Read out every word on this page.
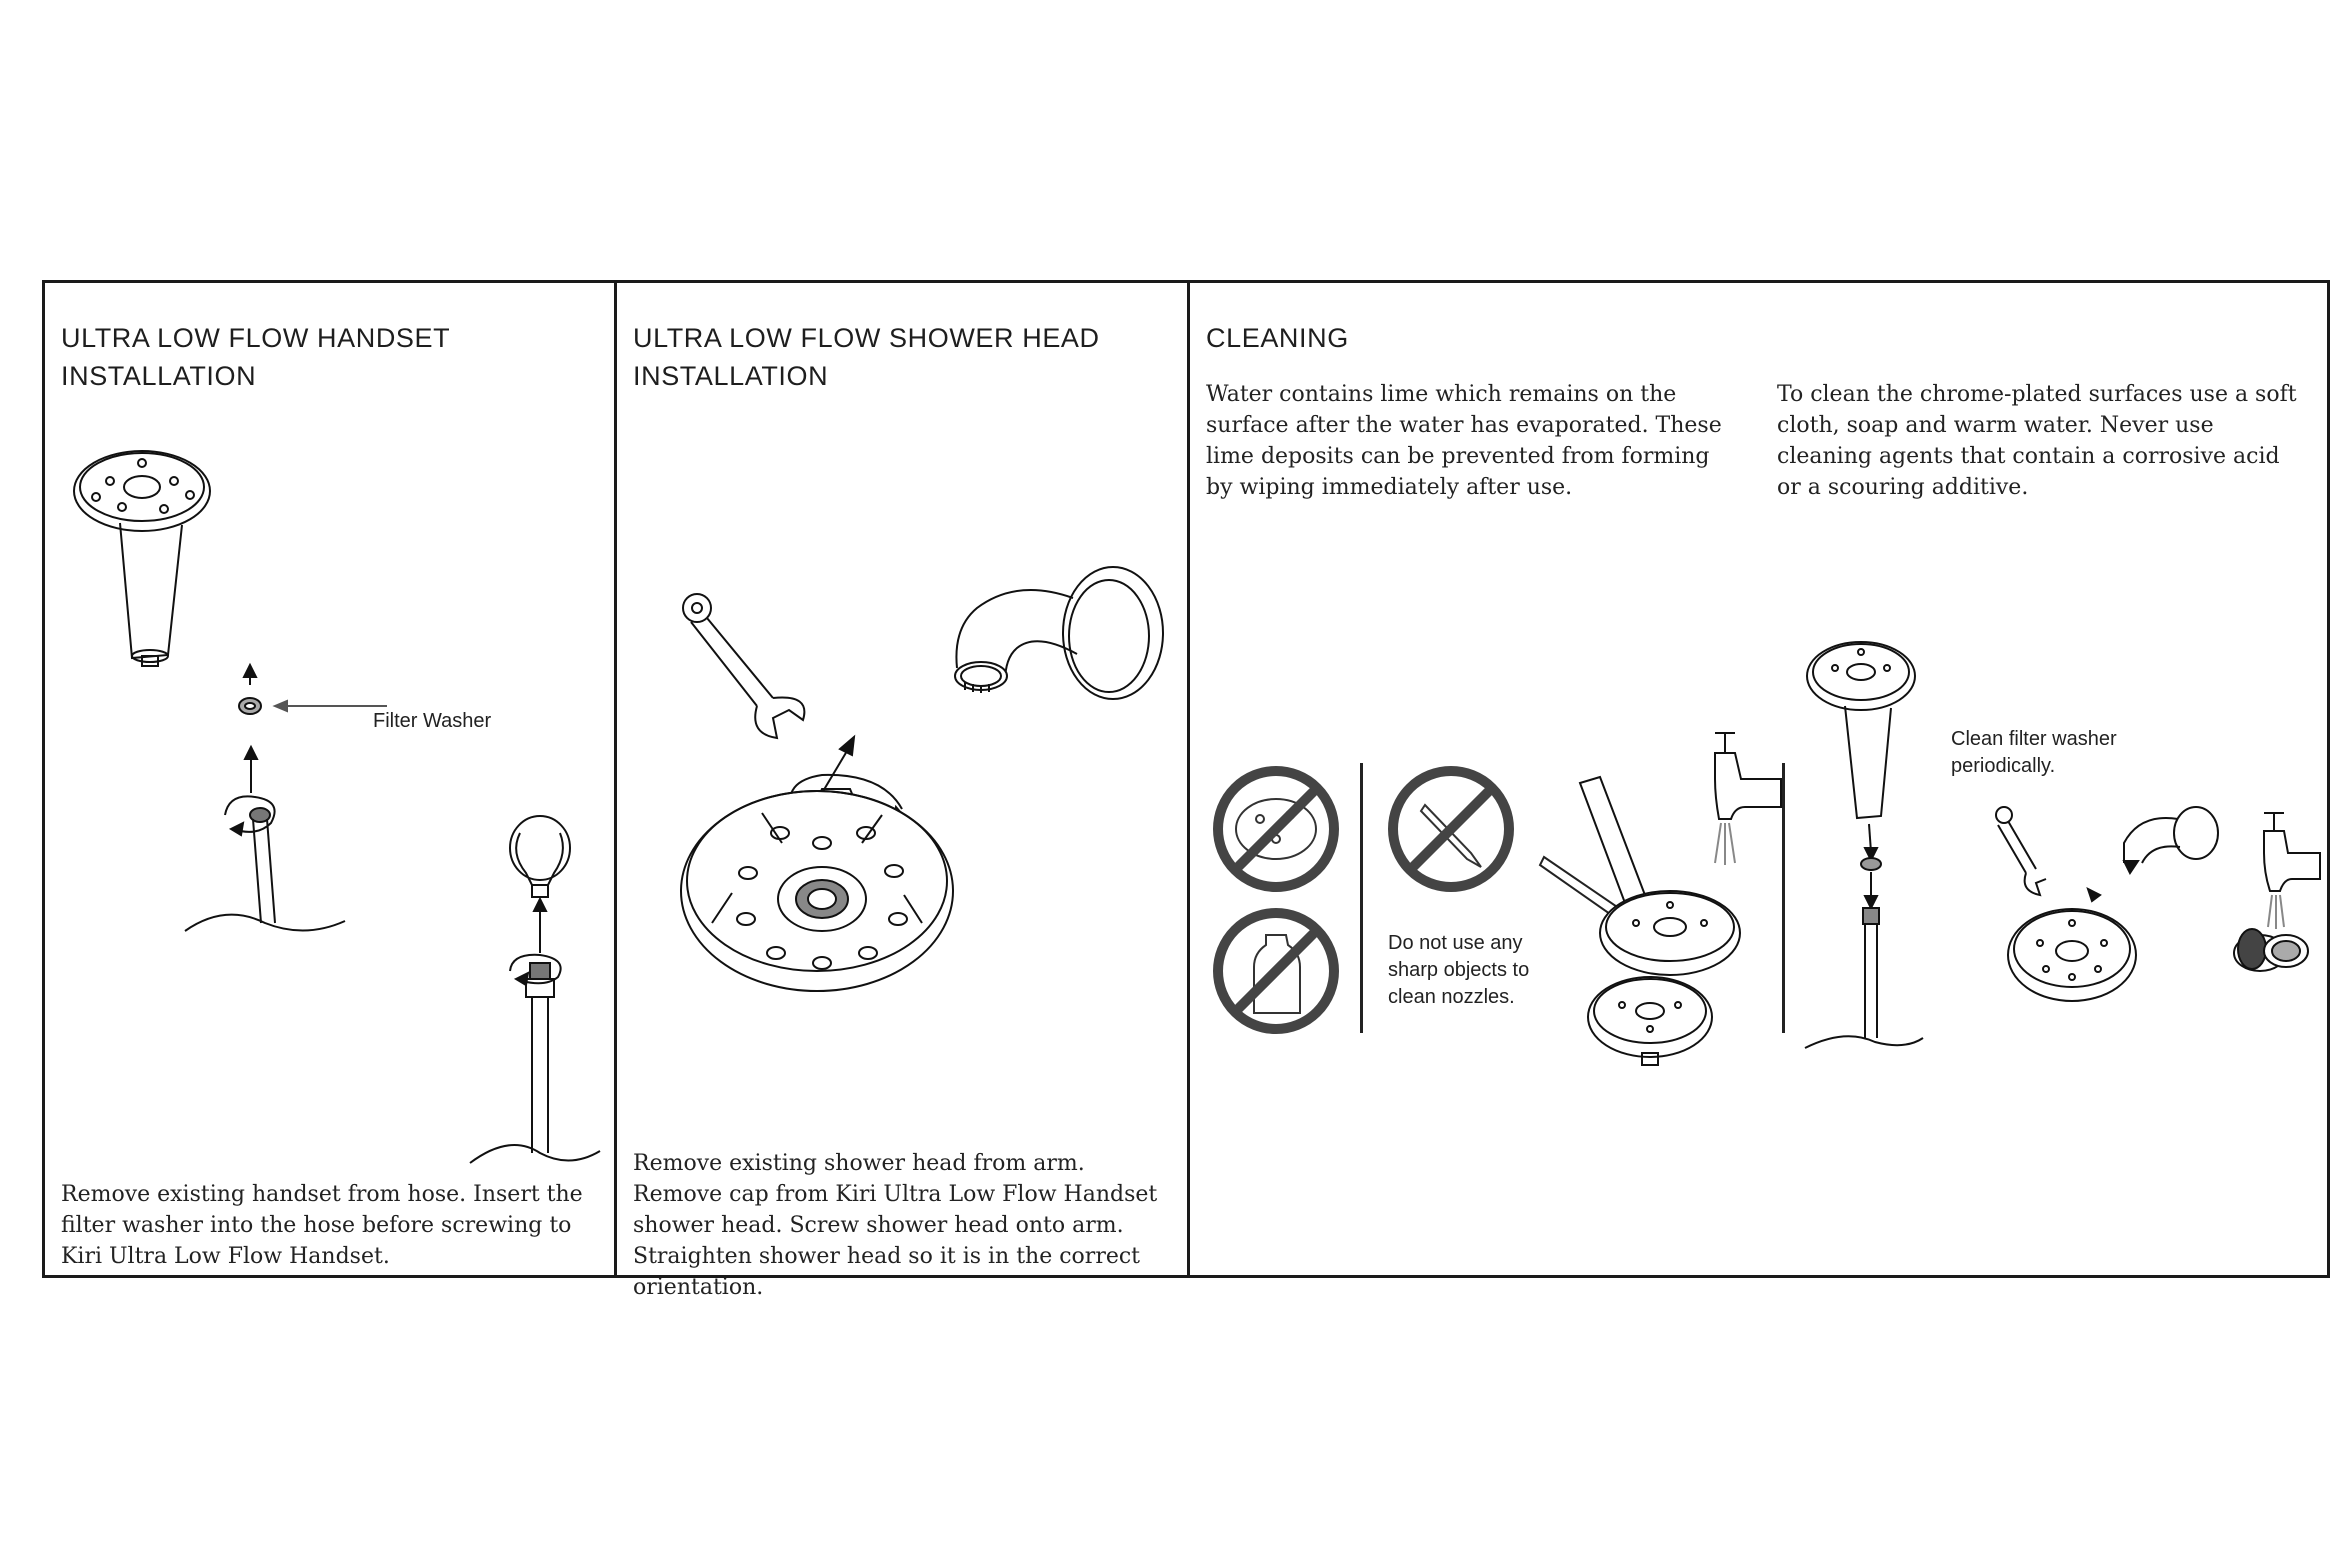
ULTRA LOW FLOW HANDSET INSTALLATION

Filter Washer

Remove existing handset from hose. Insert the filter washer into the hose before screwing to Kiri Ultra Low Flow Handset.

ULTRA LOW FLOW SHOWER HEAD
INSTALLATION

Remove existing shower head from arm. Remove cap from Kiri Ultra Low Flow Handset shower head. Screw shower head onto arm. Straighten shower head so it is in the correct orientation.

CLEANING

Water contains lime which remains on the surface after the water has evaporated. These lime deposits can be prevented from forming by wiping immediately after use.

To clean the chrome-plated surfaces use a soft cloth, soap and warm water. Never use cleaning agents that contain a corrosive acid or a scouring additive.

Do not use any sharp objects to clean nozzles.

Clean filter washer periodically.
